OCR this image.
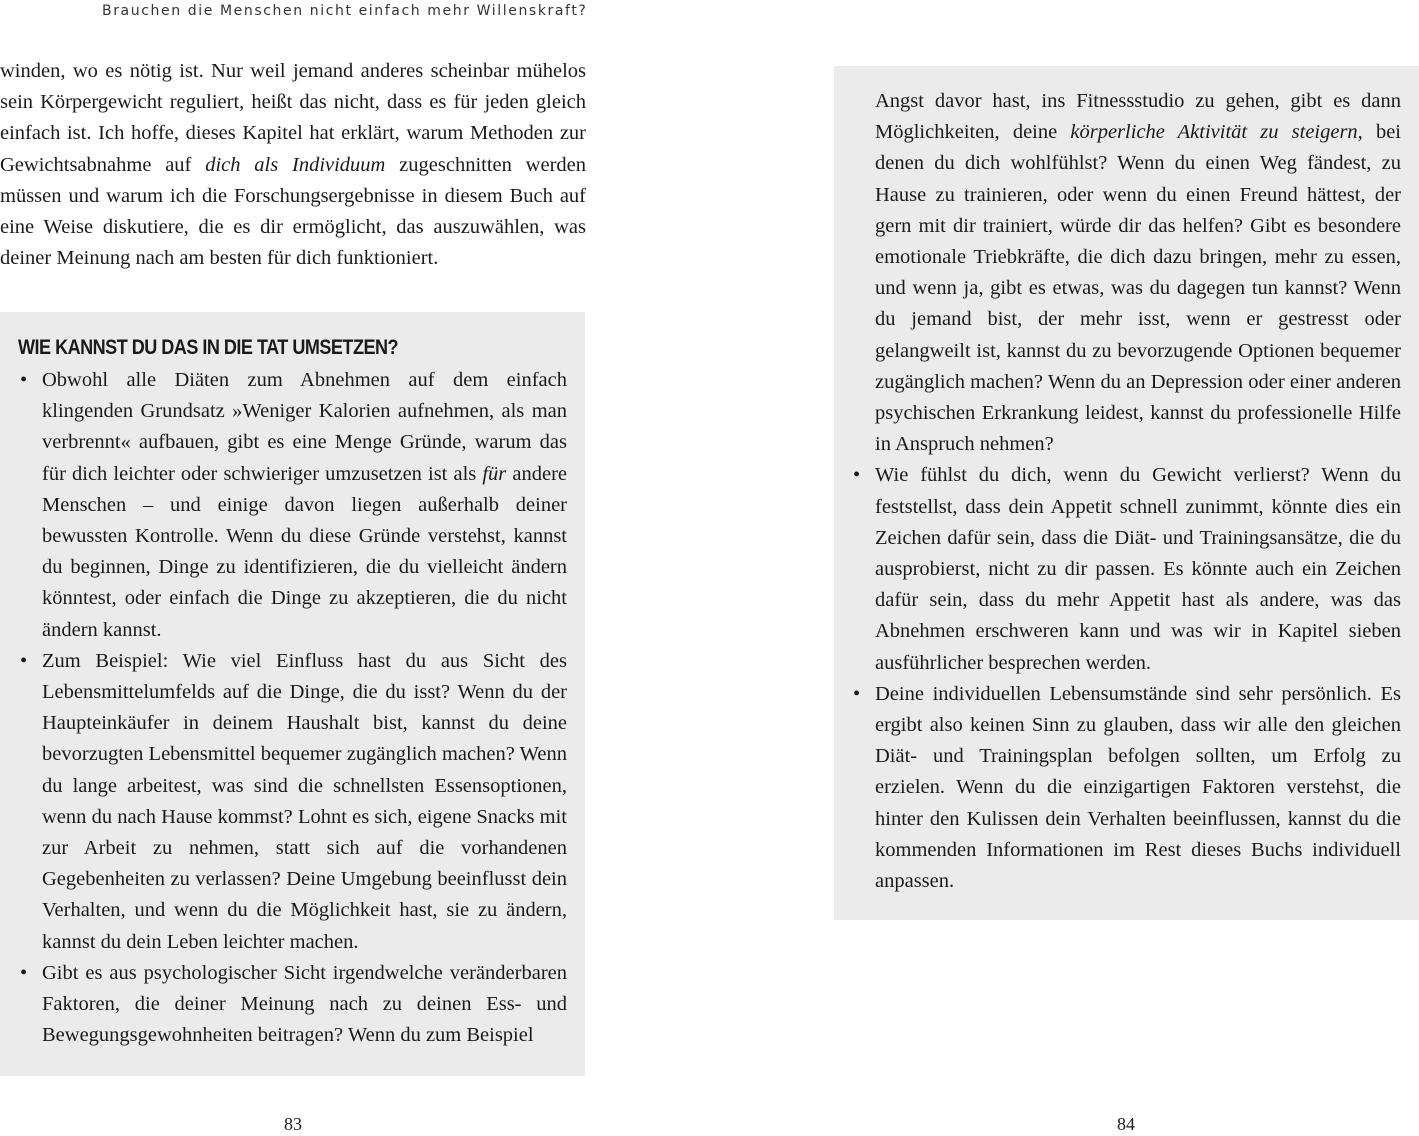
Brauchen die Menschen nicht einfach mehr Willenskraft?

winden, wo es nötig ist. Nur weil jemand anderes scheinbar mühelos sein Körpergewicht reguliert, heißt das nicht, dass es für jeden gleich einfach ist. Ich hoffe, dieses Kapitel hat erklärt, warum Methoden zur Gewichtsabnahme auf dich als Individuum zugeschnitten werden müssen und warum ich die Forschungsergebnisse in diesem Buch auf eine Weise diskutiere, die es dir ermöglicht, das auszuwählen, was deiner Meinung nach am besten für dich funktioniert.

WIE KANNST DU DAS IN DIE TAT UMSETZEN?
• Obwohl alle Diäten zum Abnehmen auf dem einfach klingenden Grundsatz »Weniger Kalorien aufnehmen, als man verbrennt« aufbauen, gibt es eine Menge Gründe, warum das für dich leichter oder schwieriger umzusetzen ist als für andere Menschen – und einige davon liegen außerhalb deiner bewussten Kontrolle. Wenn du diese Gründe verstehst, kannst du beginnen, Dinge zu identifizieren, die du vielleicht ändern könntest, oder einfach die Dinge zu akzeptieren, die du nicht ändern kannst.
• Zum Beispiel: Wie viel Einfluss hast du aus Sicht des Lebensmittelumfelds auf die Dinge, die du isst? Wenn du der Haupteinkäufer in deinem Haushalt bist, kannst du deine bevorzugten Lebensmittel bequemer zugänglich machen? Wenn du lange arbeitest, was sind die schnellsten Essensoptionen, wenn du nach Hause kommst? Lohnt es sich, eigene Snacks mit zur Arbeit zu nehmen, statt sich auf die vorhandenen Gegebenheiten zu verlassen? Deine Umgebung beeinflusst dein Verhalten, und wenn du die Möglichkeit hast, sie zu ändern, kannst du dein Leben leichter machen.
• Gibt es aus psychologischer Sicht irgendwelche veränderbaren Faktoren, die deiner Meinung nach zu deinen Ess- und Bewegungsgewohnheiten beitragen? Wenn du zum Beispiel
83

Angst davor hast, ins Fitnessstudio zu gehen, gibt es dann Möglichkeiten, deine körperliche Aktivität zu steigern, bei denen du dich wohlfühlst? Wenn du einen Weg fändest, zu Hause zu trainieren, oder wenn du einen Freund hättest, der gern mit dir trainiert, würde dir das helfen? Gibt es besondere emotionale Triebkräfte, die dich dazu bringen, mehr zu essen, und wenn ja, gibt es etwas, was du dagegen tun kannst? Wenn du jemand bist, der mehr isst, wenn er gestresst oder gelangweilt ist, kannst du zu bevorzugende Optionen bequemer zugänglich machen? Wenn du an Depression oder einer anderen psychischen Erkrankung leidest, kannst du professionelle Hilfe in Anspruch nehmen?

• Wie fühlst du dich, wenn du Gewicht verlierst? Wenn du feststellst, dass dein Appetit schnell zunimmt, könnte dies ein Zeichen dafür sein, dass die Diät- und Trainingsansätze, die du ausprobierst, nicht zu dir passen. Es könnte auch ein Zeichen dafür sein, dass du mehr Appetit hast als andere, was das Abnehmen erschweren kann und was wir in Kapitel sieben ausführlicher besprechen werden.
• Deine individuellen Lebensumstände sind sehr persönlich. Es ergibt also keinen Sinn zu glauben, dass wir alle den gleichen Diät- und Trainingsplan befolgen sollten, um Erfolg zu erzielen. Wenn du die einzigartigen Faktoren verstehst, die hinter den Kulissen dein Verhalten beeinflussen, kannst du die kommenden Informationen im Rest dieses Buchs individuell anpassen.
84
